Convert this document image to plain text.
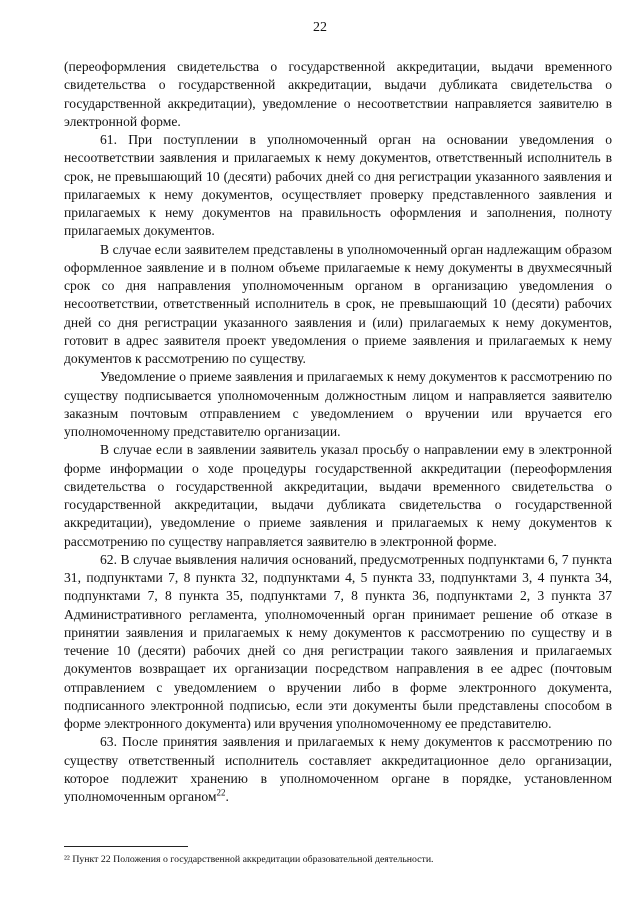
22

(переоформления свидетельства о государственной аккредитации, выдачи временного свидетельства о государственной аккредитации, выдачи дубликата свидетельства о государственной аккредитации), уведомление о несоответствии направляется заявителю в электронной форме.

61. При поступлении в уполномоченный орган на основании уведомления о несоответствии заявления и прилагаемых к нему документов, ответственный исполнитель в срок, не превышающий 10 (десяти) рабочих дней со дня регистрации указанного заявления и прилагаемых к нему документов, осуществляет проверку представленного заявления и прилагаемых к нему документов на правильность оформления и заполнения, полноту прилагаемых документов.

В случае если заявителем представлены в уполномоченный орган надлежащим образом оформленное заявление и в полном объеме прилагаемые к нему документы в двухмесячный срок со дня направления уполномоченным органом в организацию уведомления о несоответствии, ответственный исполнитель в срок, не превышающий 10 (десяти) рабочих дней со дня регистрации указанного заявления и (или) прилагаемых к нему документов, готовит в адрес заявителя проект уведомления о приеме заявления и прилагаемых к нему документов к рассмотрению по существу.

Уведомление о приеме заявления и прилагаемых к нему документов к рассмотрению по существу подписывается уполномоченным должностным лицом и направляется заявителю заказным почтовым отправлением с уведомлением о вручении или вручается его уполномоченному представителю организации.

В случае если в заявлении заявитель указал просьбу о направлении ему в электронной форме информации о ходе процедуры государственной аккредитации (переоформления свидетельства о государственной аккредитации, выдачи временного свидетельства о государственной аккредитации, выдачи дубликата свидетельства о государственной аккредитации), уведомление о приеме заявления и прилагаемых к нему документов к рассмотрению по существу направляется заявителю в электронной форме.

62. В случае выявления наличия оснований, предусмотренных подпунктами 6, 7 пункта 31, подпунктами 7, 8 пункта 32, подпунктами 4, 5 пункта 33, подпунктами 3, 4 пункта 34, подпунктами 7, 8 пункта 35, подпунктами 7, 8 пункта 36, подпунктами 2, 3 пункта 37 Административного регламента, уполномоченный орган принимает решение об отказе в принятии заявления и прилагаемых к нему документов к рассмотрению по существу и в течение 10 (десяти) рабочих дней со дня регистрации такого заявления и прилагаемых документов возвращает их организации посредством направления в ее адрес (почтовым отправлением с уведомлением о вручении либо в форме электронного документа, подписанного электронной подписью, если эти документы были представлены способом в форме электронного документа) или вручения уполномоченному ее представителю.

63. После принятия заявления и прилагаемых к нему документов к рассмотрению по существу ответственный исполнитель составляет аккредитационное дело организации, которое подлежит хранению в уполномоченном органе в порядке, установленном уполномоченным органом$^{22}$.

²² Пункт 22 Положения о государственной аккредитации образовательной деятельности.
